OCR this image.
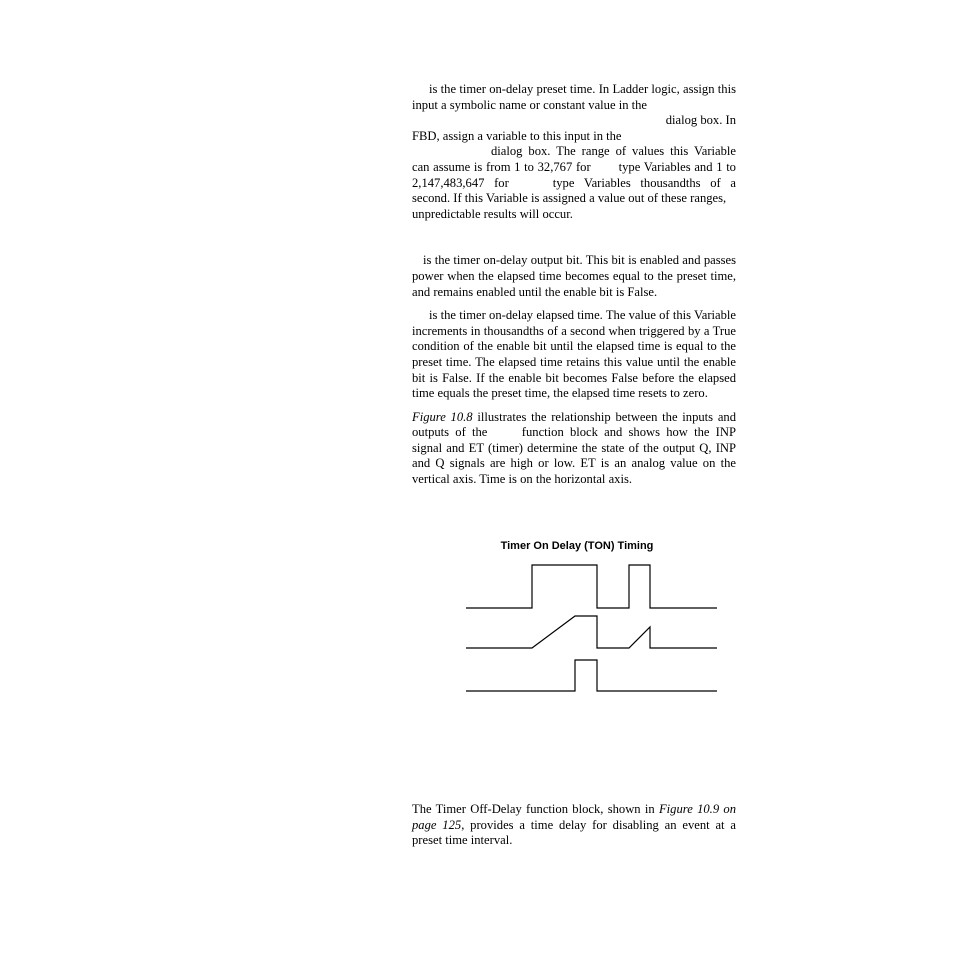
is the timer on-delay preset time. In Ladder logic, assign this input a symbolic name or constant value in the
dialog box. In
FBD, assign a variable to this input in the
dialog box. The range of values this Variable can assume is from 1 to 32,767 for type Variables and 1 to 2,147,483,647 for	type Variables thousandths of a second. If this Variable is assigned a value out of these ranges,
unpredictable results will occur.

is the timer on-delay output bit. This bit is enabled and passes power when the elapsed time becomes equal to the preset time, and remains enabled until the enable bit is False.

is the timer on-delay elapsed time. The value of this Variable increments in thousandths of a second when triggered by a True condition of the enable bit until the elapsed time is equal to the preset time. The elapsed time retains this value until the enable bit is False. If the enable bit becomes False before the elapsed time equals the preset time, the elapsed time resets to zero.

Figure 10.8 illustrates the relationship between the inputs and outputs of the	function block and shows how the INP signal and ET (timer) determine the state of the output Q, INP and Q signals are high or low. ET is an analog value on the vertical axis. Time is on the horizontal axis.

Timer On Delay (TON) Timing

The Timer Off-Delay function block, shown in Figure 10.9 on page 125, provides a time delay for disabling an event at a preset time interval.
